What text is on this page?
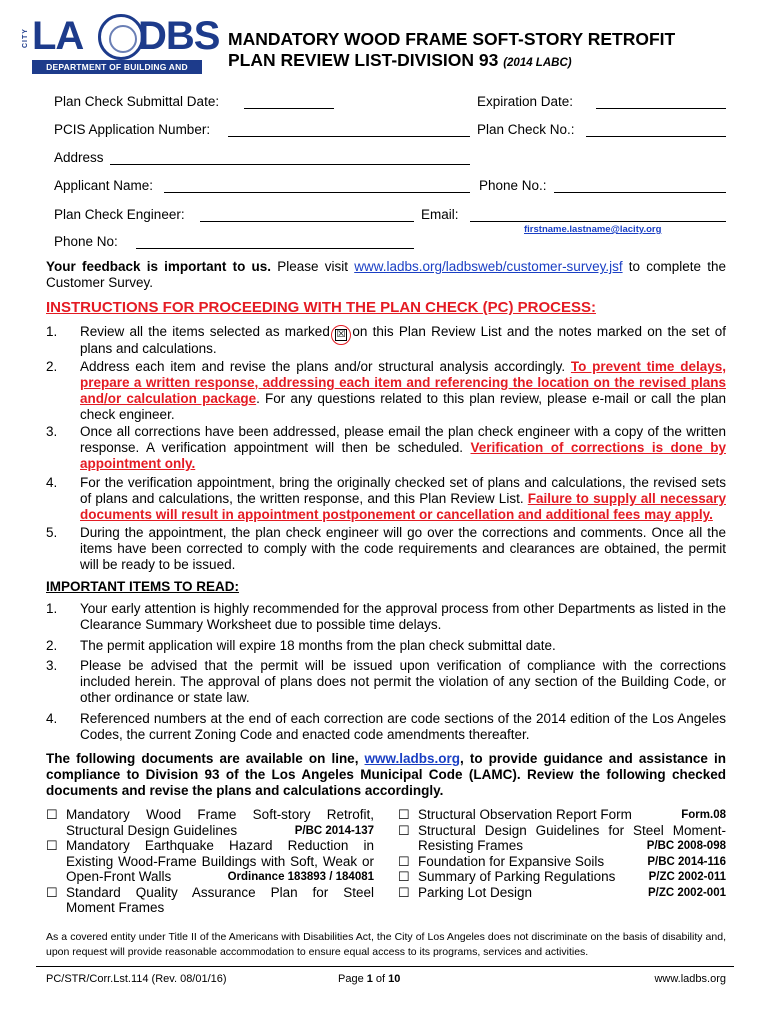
CITY LA DBS
DEPARTMENT OF BUILDING AND SAFETY
MANDATORY WOOD FRAME SOFT-STORY RETROFIT
PLAN REVIEW LIST-DIVISION 93 (2014 LABC)
Plan Check Submittal Date:	Expiration Date:
PCIS Application Number:	Plan Check No.:
Address
Applicant Name:	Phone No.:
Plan Check Engineer:	Email:
firstname.lastname@lacity.org
Phone No:
Your feedback is important to us. Please visit www.ladbs.org/ladbsweb/customer-survey.jsf to complete the Customer Survey.
INSTRUCTIONS FOR PROCEEDING WITH THE PLAN CHECK (PC) PROCESS:
1. Review all the items selected as marked ☒
on this Plan Review List and the notes marked on the set of plans and calculations.
2. Address each item and revise the plans and/or structural analysis accordingly. To prevent time delays, prepare a written response, addressing each item and referencing the location on the revised plans and/or calculation package. For any questions related to this plan review, please e-mail or call the plan check engineer.
3. Once all corrections have been addressed, please email the plan check engineer with a copy of the written response. A verification appointment will then be scheduled. Verification of corrections is done by appointment only.
4. For the verification appointment, bring the originally checked set of plans and calculations, the revised sets of plans and calculations, the written response, and this Plan Review List. Failure to supply all necessary documents will result in appointment postponement or cancellation and additional fees may apply.
5. During the appointment, the plan check engineer will go over the corrections and comments. Once all the items have been corrected to comply with the code requirements and clearances are obtained, the permit will be ready to be issued.
IMPORTANT ITEMS TO READ:
1. Your early attention is highly recommended for the approval process from other Departments as listed in the Clearance Summary Worksheet due to possible time delays.
2. The permit application will expire 18 months from the plan check submittal date.
3. Please be advised that the permit will be issued upon verification of compliance with the corrections included herein. The approval of plans does not permit the violation of any section of the Building Code, or other ordinance or state law.
4. Referenced numbers at the end of each correction are code sections of the 2014 edition of the Los Angeles Codes, the current Zoning Code and enacted code amendments thereafter.
The following documents are available on line, www.ladbs.org, to provide guidance and assistance in compliance to Division 93 of the Los Angeles Municipal Code (LAMC). Review the following checked documents and revise the plans and calculations accordingly.
☐ Mandatory Wood Frame Soft-story Retrofit,
Structural Design Guidelines	P/BC 2014-137
☐ Mandatory Earthquake Hazard Reduction in
Existing Wood-Frame Buildings with Soft, Weak or
Open-Front Walls	Ordinance 183893 / 184081
☐ Standard Quality Assurance Plan for Steel
Moment Frames
☐ Structural Observation Report Form	Form.08
☐ Structural Design Guidelines for Steel Moment-
Resisting Frames	P/BC 2008-098
☐ Foundation for Expansive Soils	P/BC 2014-116
☐ Summary of Parking Regulations	P/ZC 2002-011
☐ Parking Lot Design	P/ZC 2002-001
As a covered entity under Title II of the Americans with Disabilities Act, the City of Los Angeles does not discriminate on the basis of disability and, upon request will provide reasonable accommodation to ensure equal access to its programs, services and activities.
PC/STR/Corr.Lst.114 (Rev. 08/01/16)	Page 1 of 10	www.ladbs.org
